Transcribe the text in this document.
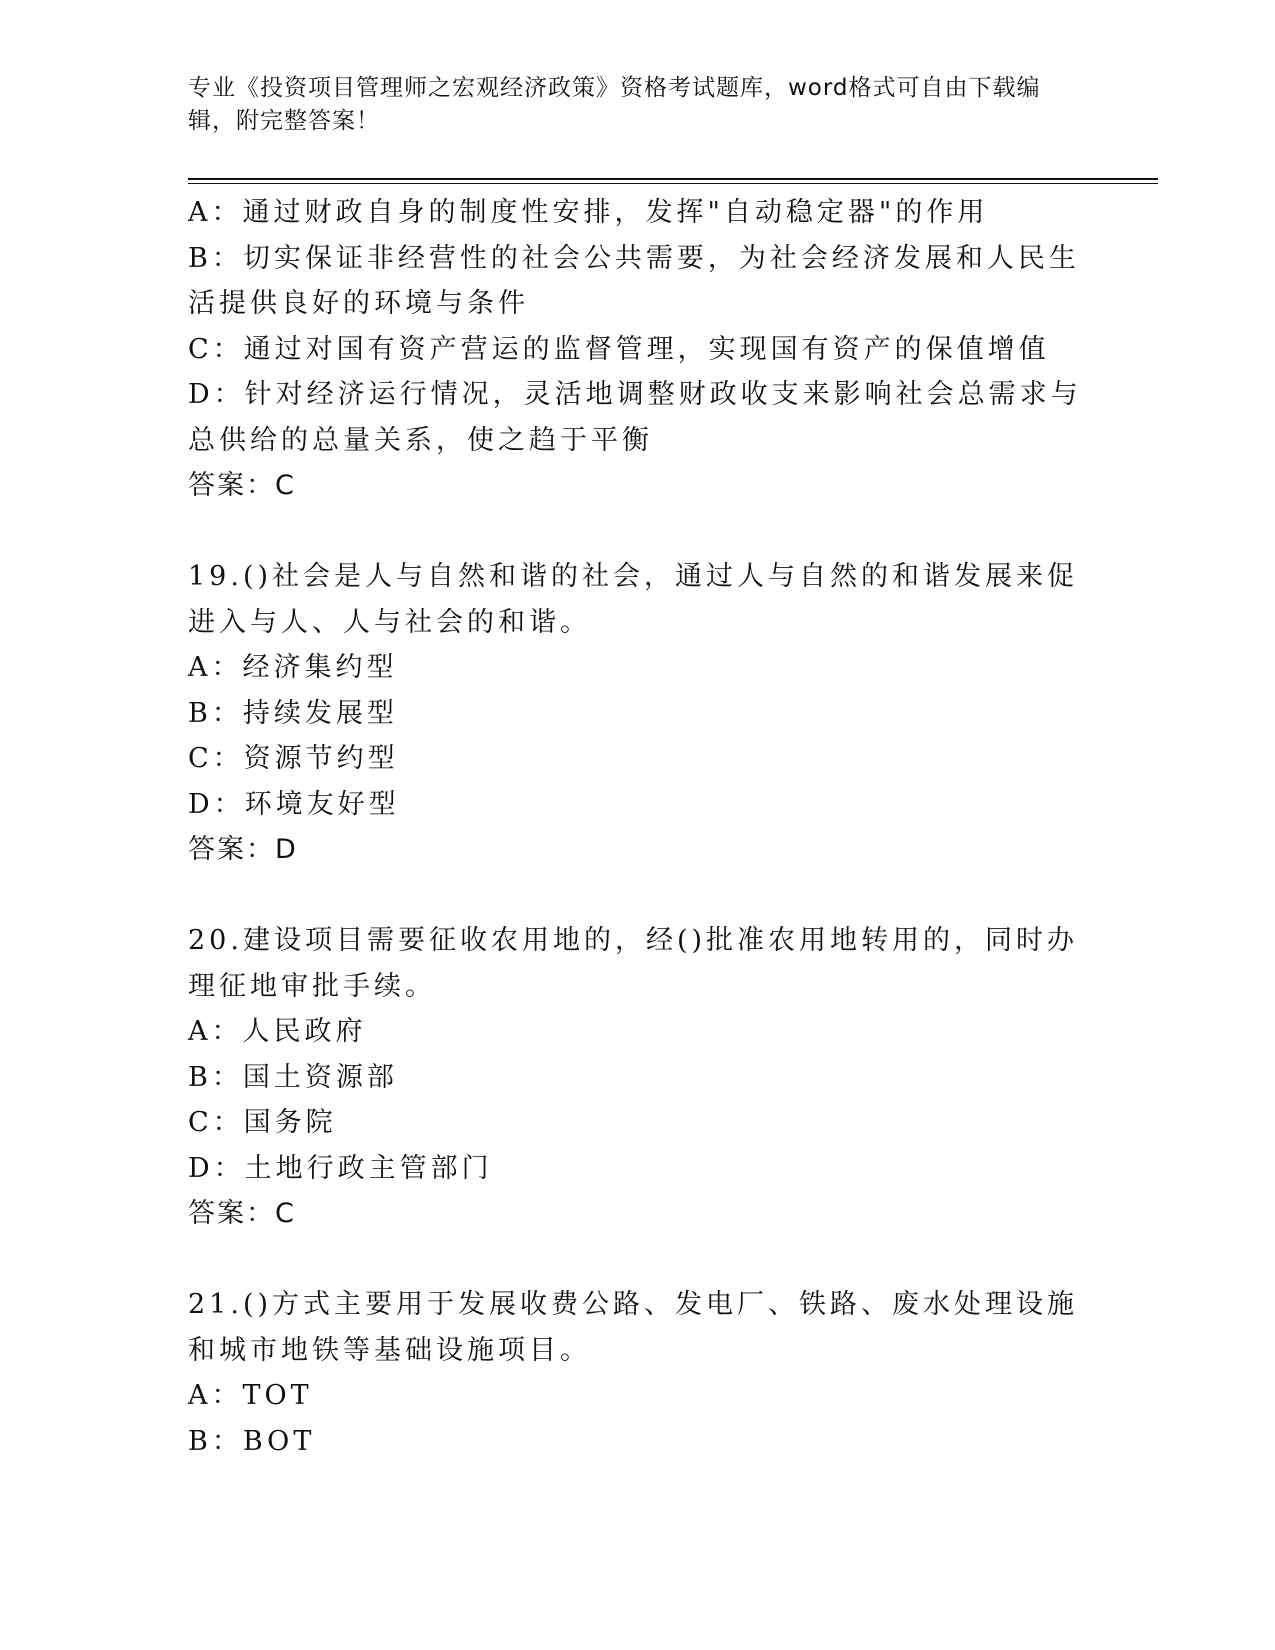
专业《投资项目管理师之宏观经济政策》资格考试题库，word格式可自由下载编辑，附完整答案！

A：通过财政自身的制度性安排，发挥"自动稳定器"的作用

B：切实保证非经营性的社会公共需要，为社会经济发展和人民生活提供良好的环境与条件

C：通过对国有资产营运的监督管理，实现国有资产的保值增值

D：针对经济运行情况，灵活地调整财政收支来影响社会总需求与总供给的总量关系，使之趋于平衡

答案：C

19.()社会是人与自然和谐的社会，通过人与自然的和谐发展来促进入与人、人与社会的和谐。

A：经济集约型

B：持续发展型

C：资源节约型

D：环境友好型

答案：D

20.建设项目需要征收农用地的，经()批准农用地转用的，同时办理征地审批手续。

A：人民政府

B：国土资源部

C：国务院

D：土地行政主管部门

答案：C

21.()方式主要用于发展收费公路、发电厂、铁路、废水处理设施和城市地铁等基础设施项目。

A：TOT

B：BOT
